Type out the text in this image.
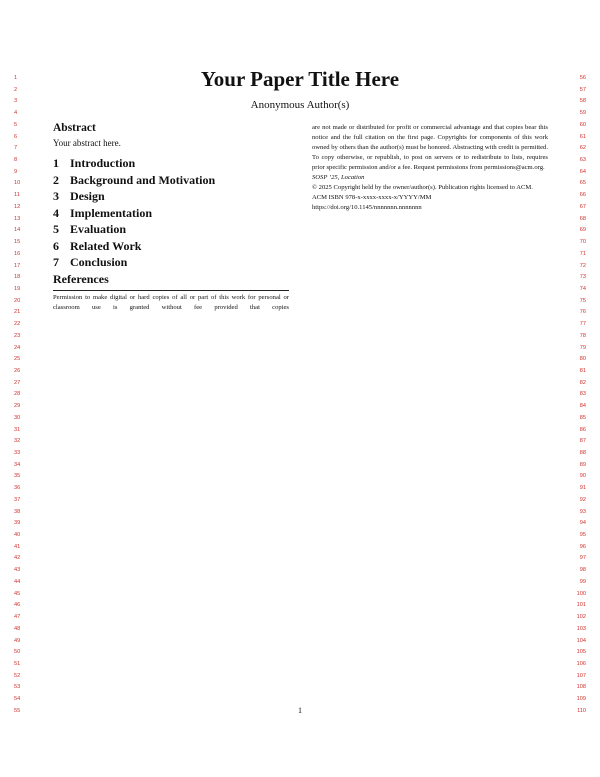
1
2
3
4
5
6
7
8
9
10
11
12
13
14
15
16
17
18
19
20
21
22
23
24
25
26
27
28
29
30
31
32
33
34
35
36
37
38
39
40
41
42
43
44
45
46
47
48
49
50
51
52
53
54
55
56
57
58
59
60
61
62
63
64
65
66
67
68
69
70
71
72
73
74
75
76
77
78
79
80
81
82
83
84
85
86
87
88
89
90
91
92
93
94
95
96
97
98
99
100
101
102
103
104
105
106
107
108
109
110
Your Paper Title Here
Anonymous Author(s)
Abstract

Your abstract here.

1 Introduction
2 Background and Motivation
3 Design
4 Implementation
5 Evaluation
6 Related Work
7 Conclusion
References

Permission to make digital or hard copies of all or part of this work for personal or classroom use is granted without fee provided that copies

are not made or distributed for profit or commercial advantage and that copies bear this notice and the full citation on the first page. Copyrights for components of this work owned by others than the author(s) must be honored. Abstracting with credit is permitted. To copy otherwise, or republish, to post on servers or to redistribute to lists, requires prior specific permission and/or a fee. Request permissions from permissions@acm.org.

SOSP ’25, Location

© 2025 Copyright held by the owner/author(s). Publication rights licensed to ACM.

ACM ISBN 978-x-xxxx-xxxx-x/YYYY/MM

https://doi.org/10.1145/nnnnnnn.nnnnnnn

1
